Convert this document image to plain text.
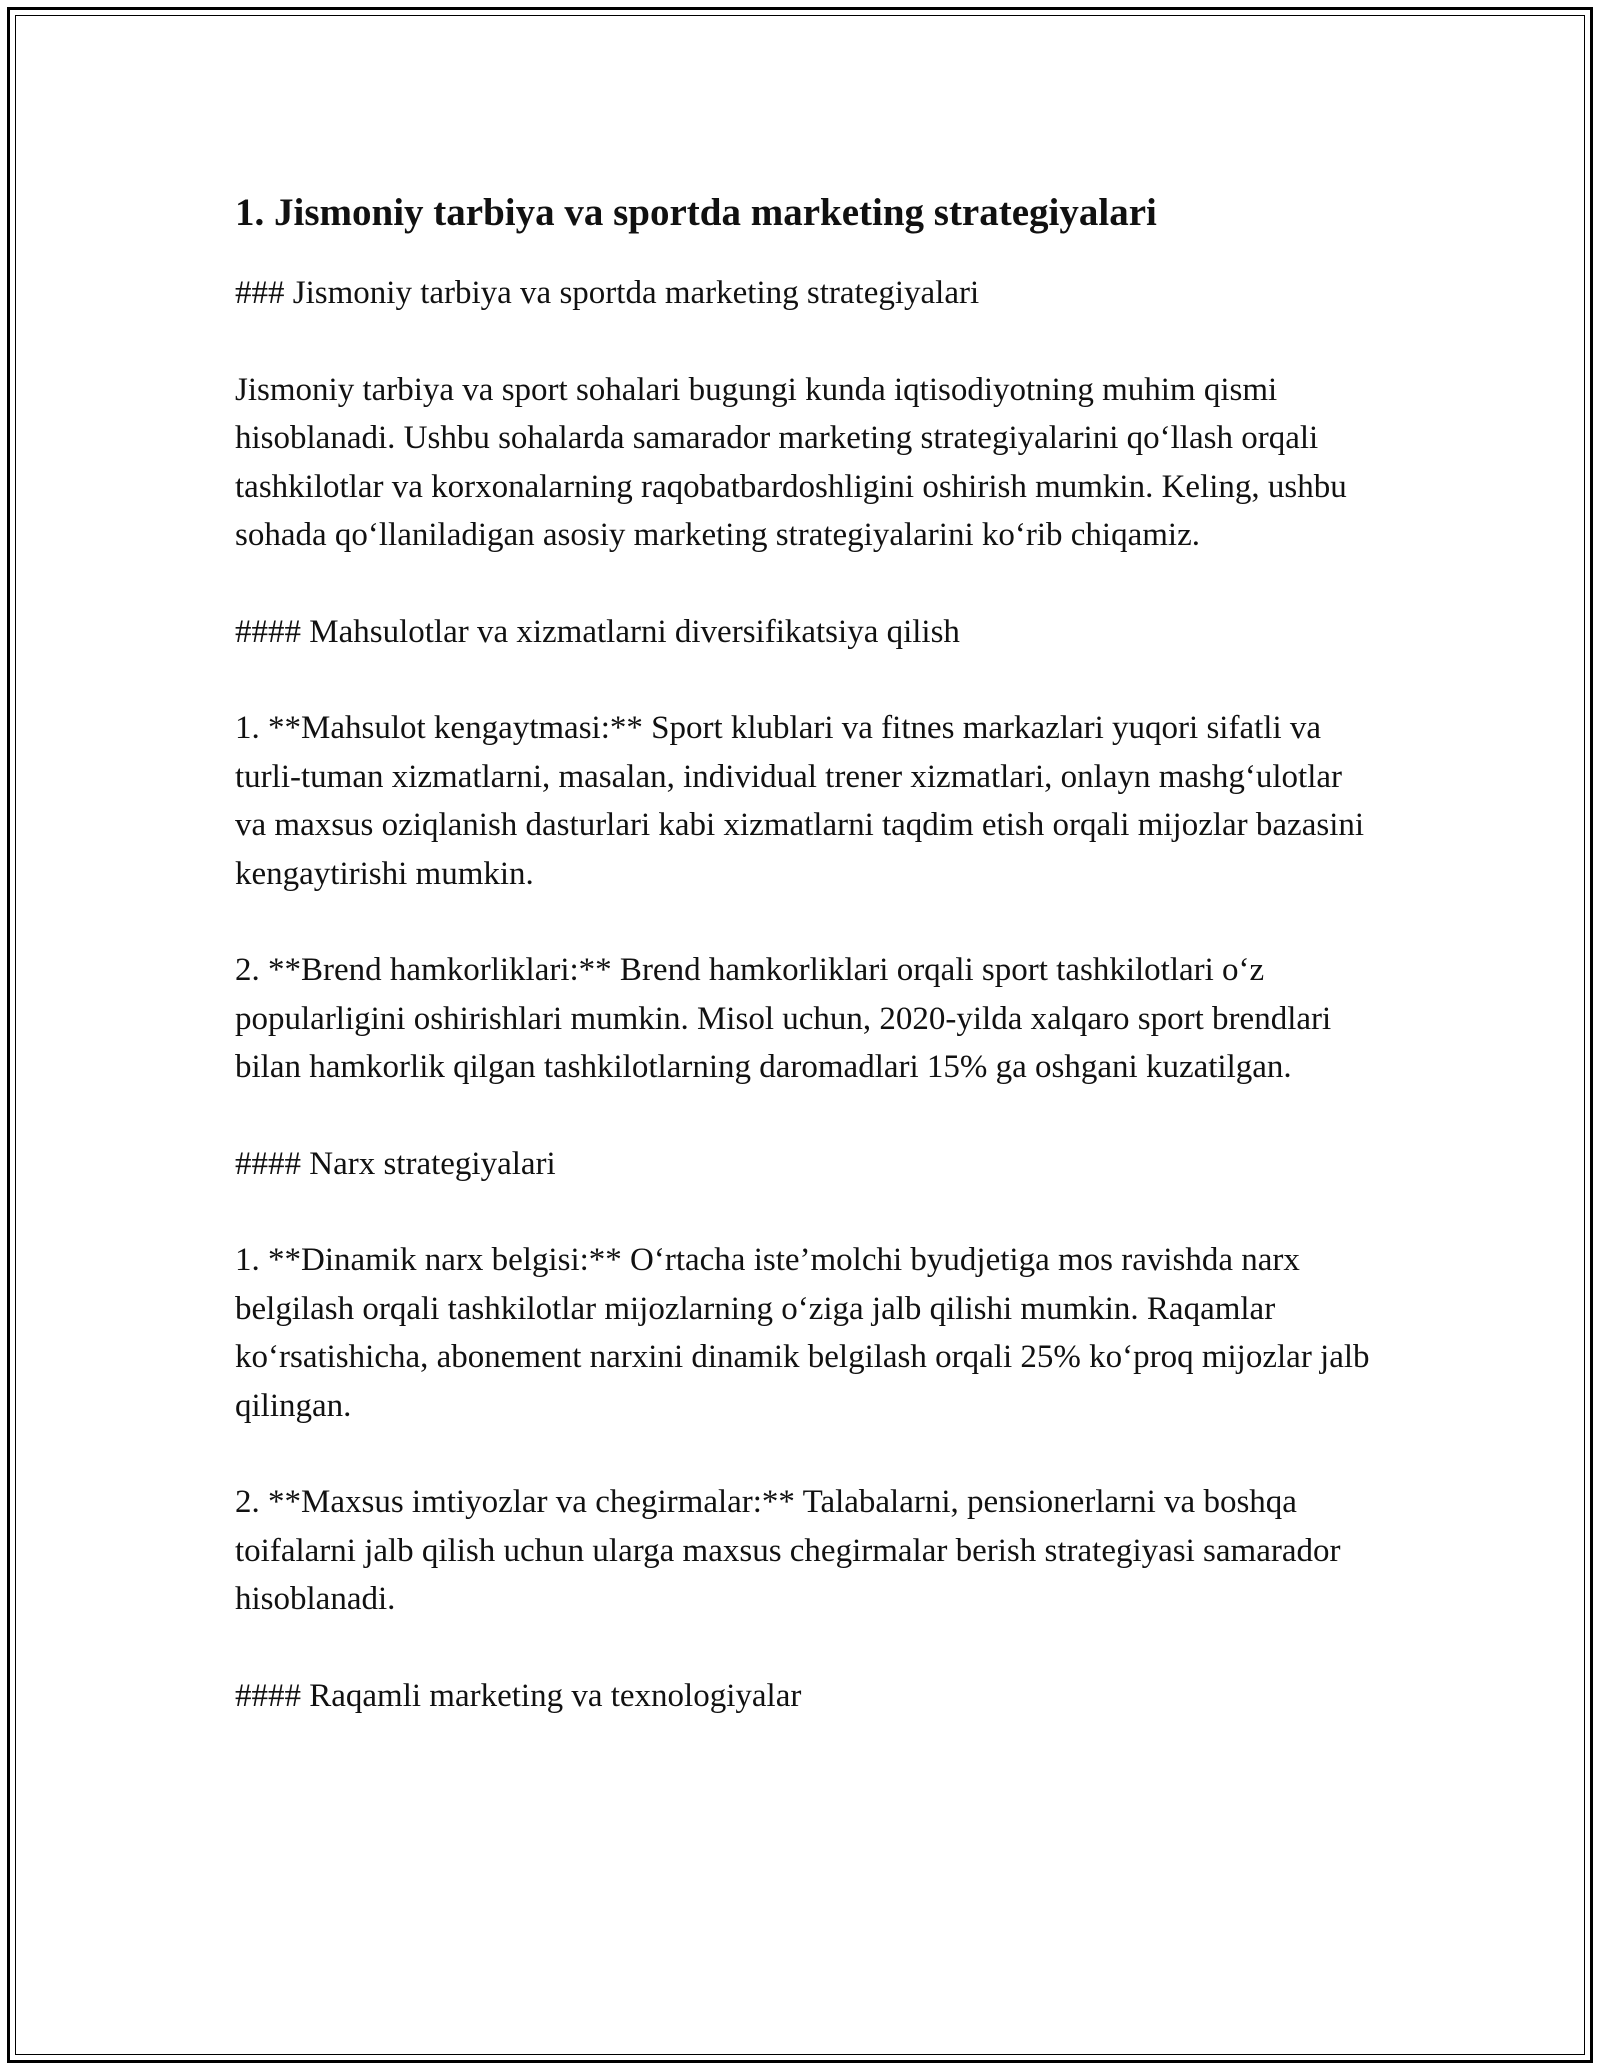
1. Jismoniy tarbiya va sportda marketing strategiyalari

### Jismoniy tarbiya va sportda marketing strategiyalari

Jismoniy tarbiya va sport sohalari bugungi kunda iqtisodiyotning muhim qismi hisoblanadi. Ushbu sohalarda samarador marketing strategiyalarini qo‘llash orqali tashkilotlar va korxonalarning raqobatbardoshligini oshirish mumkin. Keling, ushbu sohada qo‘llaniladigan asosiy marketing strategiyalarini ko‘rib chiqamiz.

#### Mahsulotlar va xizmatlarni diversifikatsiya qilish

1. **Mahsulot kengaytmasi:** Sport klublari va fitnes markazlari yuqori sifatli va turli-tuman xizmatlarni, masalan, individual trener xizmatlari, onlayn mashg‘ulotlar va maxsus oziqlanish dasturlari kabi xizmatlarni taqdim etish orqali mijozlar bazasini kengaytirishi mumkin.

2. **Brend hamkorliklari:** Brend hamkorliklari orqali sport tashkilotlari o‘z popularligini oshirishlari mumkin. Misol uchun, 2020-yilda xalqaro sport brendlari bilan hamkorlik qilgan tashkilotlarning daromadlari 15% ga oshgani kuzatilgan.

#### Narx strategiyalari

1. **Dinamik narx belgisi:** O‘rtacha iste’molchi byudjetiga mos ravishda narx belgilash orqali tashkilotlar mijozlarning o‘ziga jalb qilishi mumkin. Raqamlar ko‘rsatishicha, abonement narxini dinamik belgilash orqali 25% ko‘proq mijozlar jalb qilingan.

2. **Maxsus imtiyozlar va chegirmalar:** Talabalarni, pensionerlarni va boshqa toifalarni jalb qilish uchun ularga maxsus chegirmalar berish strategiyasi samarador hisoblanadi.

#### Raqamli marketing va texnologiyalar
